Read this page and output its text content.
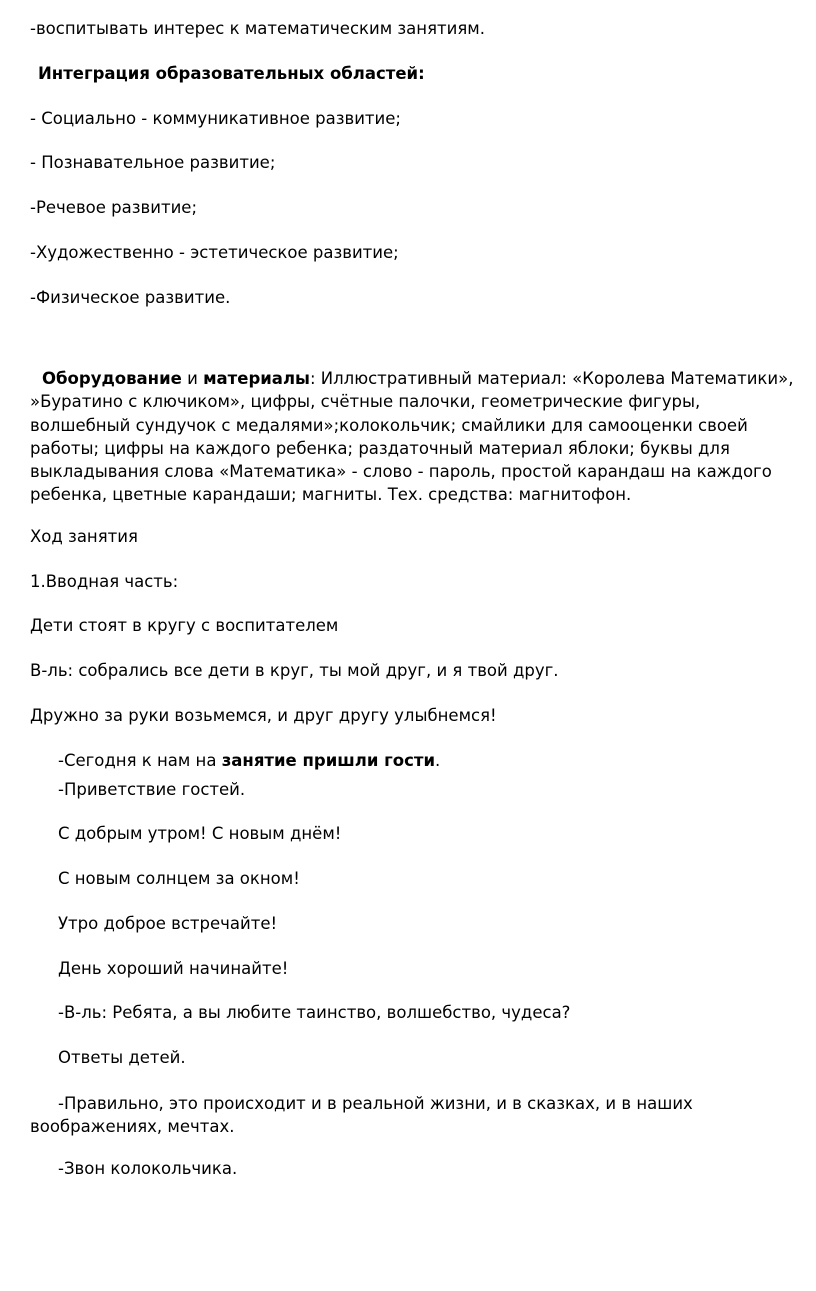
-воспитывать интерес к математическим занятиям.

Интеграция образовательных областей:

- Социально - коммуникативное развитие;

- Познавательное развитие;

-Речевое развитие;

-Художественно - эстетическое развитие;

-Физическое развитие.

Оборудование и материалы: Иллюстративный материал: «Королева Математики», »Буратино с ключиком», цифры, счётные палочки, геометрические фигуры, волшебный сундучок с медалями»;колокольчик; смайлики для самооценки своей работы; цифры на каждого ребенка; раздаточный материал яблоки; буквы для выкладывания слова «Математика» - слово - пароль, простой карандаш на каждого ребенка, цветные карандаши; магниты. Тех. средства: магнитофон.

Ход занятия

1.Вводная часть:

Дети стоят в кругу с воспитателем

В-ль: собрались все дети в круг, ты мой друг, и я твой друг.

Дружно за руки возьмемся, и друг другу улыбнемся!

-Сегодня к нам на занятие пришли гости.

-Приветствие гостей.

С добрым утром! С новым днём!

С новым солнцем за окном!

Утро доброе встречайте!

День хороший начинайте!

-В-ль: Ребята, а вы любите таинство, волшебство, чудеса?

Ответы детей.

-Правильно, это происходит и в реальной жизни, и в сказках, и в наших воображениях, мечтах.

-Звон колокольчика.
